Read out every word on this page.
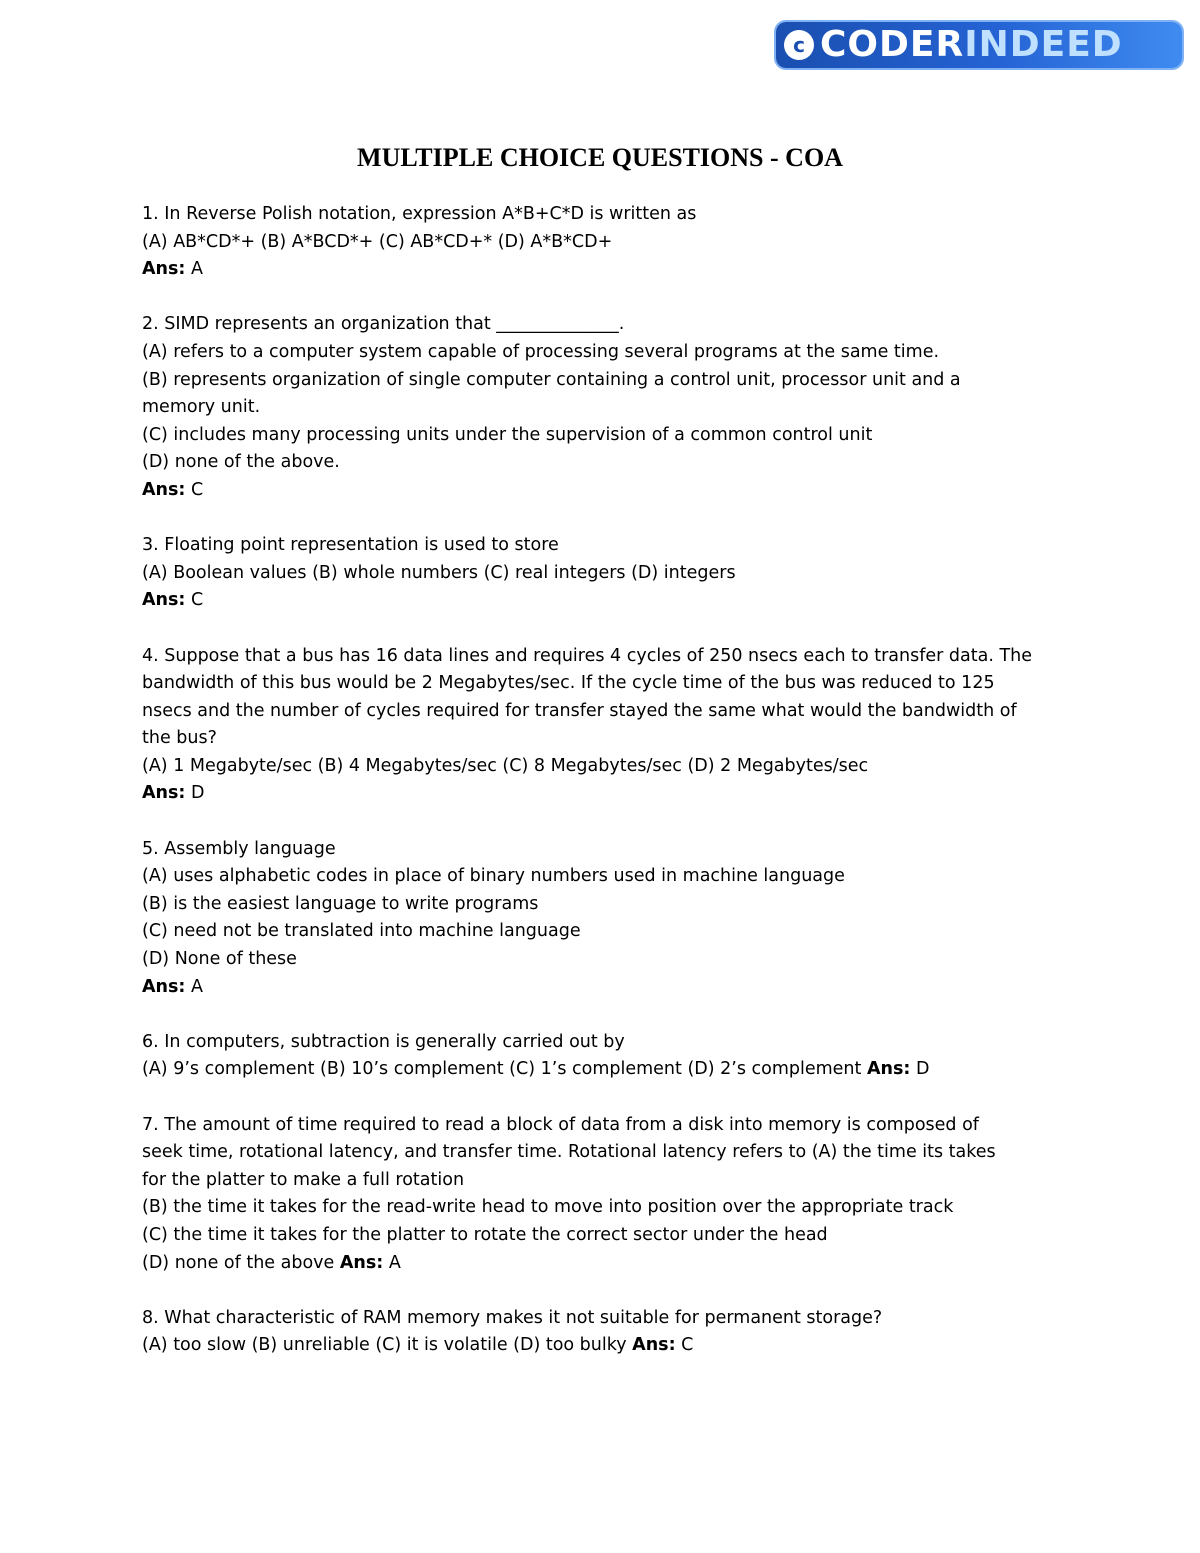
c CODERINDEED
MULTIPLE CHOICE QUESTIONS - COA
1. In Reverse Polish notation, expression A*B+C*D is written as
(A) AB*CD*+ (B) A*BCD*+ (C) AB*CD+* (D) A*B*CD+
Ans: A
2. SIMD represents an organization that ______________.
(A) refers to a computer system capable of processing several programs at the same time.
(B) represents organization of single computer containing a control unit, processor unit and a
memory unit.
(C) includes many processing units under the supervision of a common control unit
(D) none of the above.
Ans: C
3. Floating point representation is used to store
(A) Boolean values (B) whole numbers (C) real integers (D) integers
Ans: C
4. Suppose that a bus has 16 data lines and requires 4 cycles of 250 nsecs each to transfer data. The
bandwidth of this bus would be 2 Megabytes/sec. If the cycle time of the bus was reduced to 125
nsecs and the number of cycles required for transfer stayed the same what would the bandwidth of
the bus?
(A) 1 Megabyte/sec (B) 4 Megabytes/sec (C) 8 Megabytes/sec (D) 2 Megabytes/sec
Ans: D
5. Assembly language
(A) uses alphabetic codes in place of binary numbers used in machine language
(B) is the easiest language to write programs
(C) need not be translated into machine language
(D) None of these
Ans: A
6. In computers, subtraction is generally carried out by
(A) 9’s complement (B) 10’s complement (C) 1’s complement (D) 2’s complement Ans: D
7. The amount of time required to read a block of data from a disk into memory is composed of
seek time, rotational latency, and transfer time. Rotational latency refers to (A) the time its takes
for the platter to make a full rotation
(B) the time it takes for the read-write head to move into position over the appropriate track
(C) the time it takes for the platter to rotate the correct sector under the head
(D) none of the above Ans: A
8. What characteristic of RAM memory makes it not suitable for permanent storage?
(A) too slow (B) unreliable (C) it is volatile (D) too bulky Ans: C
